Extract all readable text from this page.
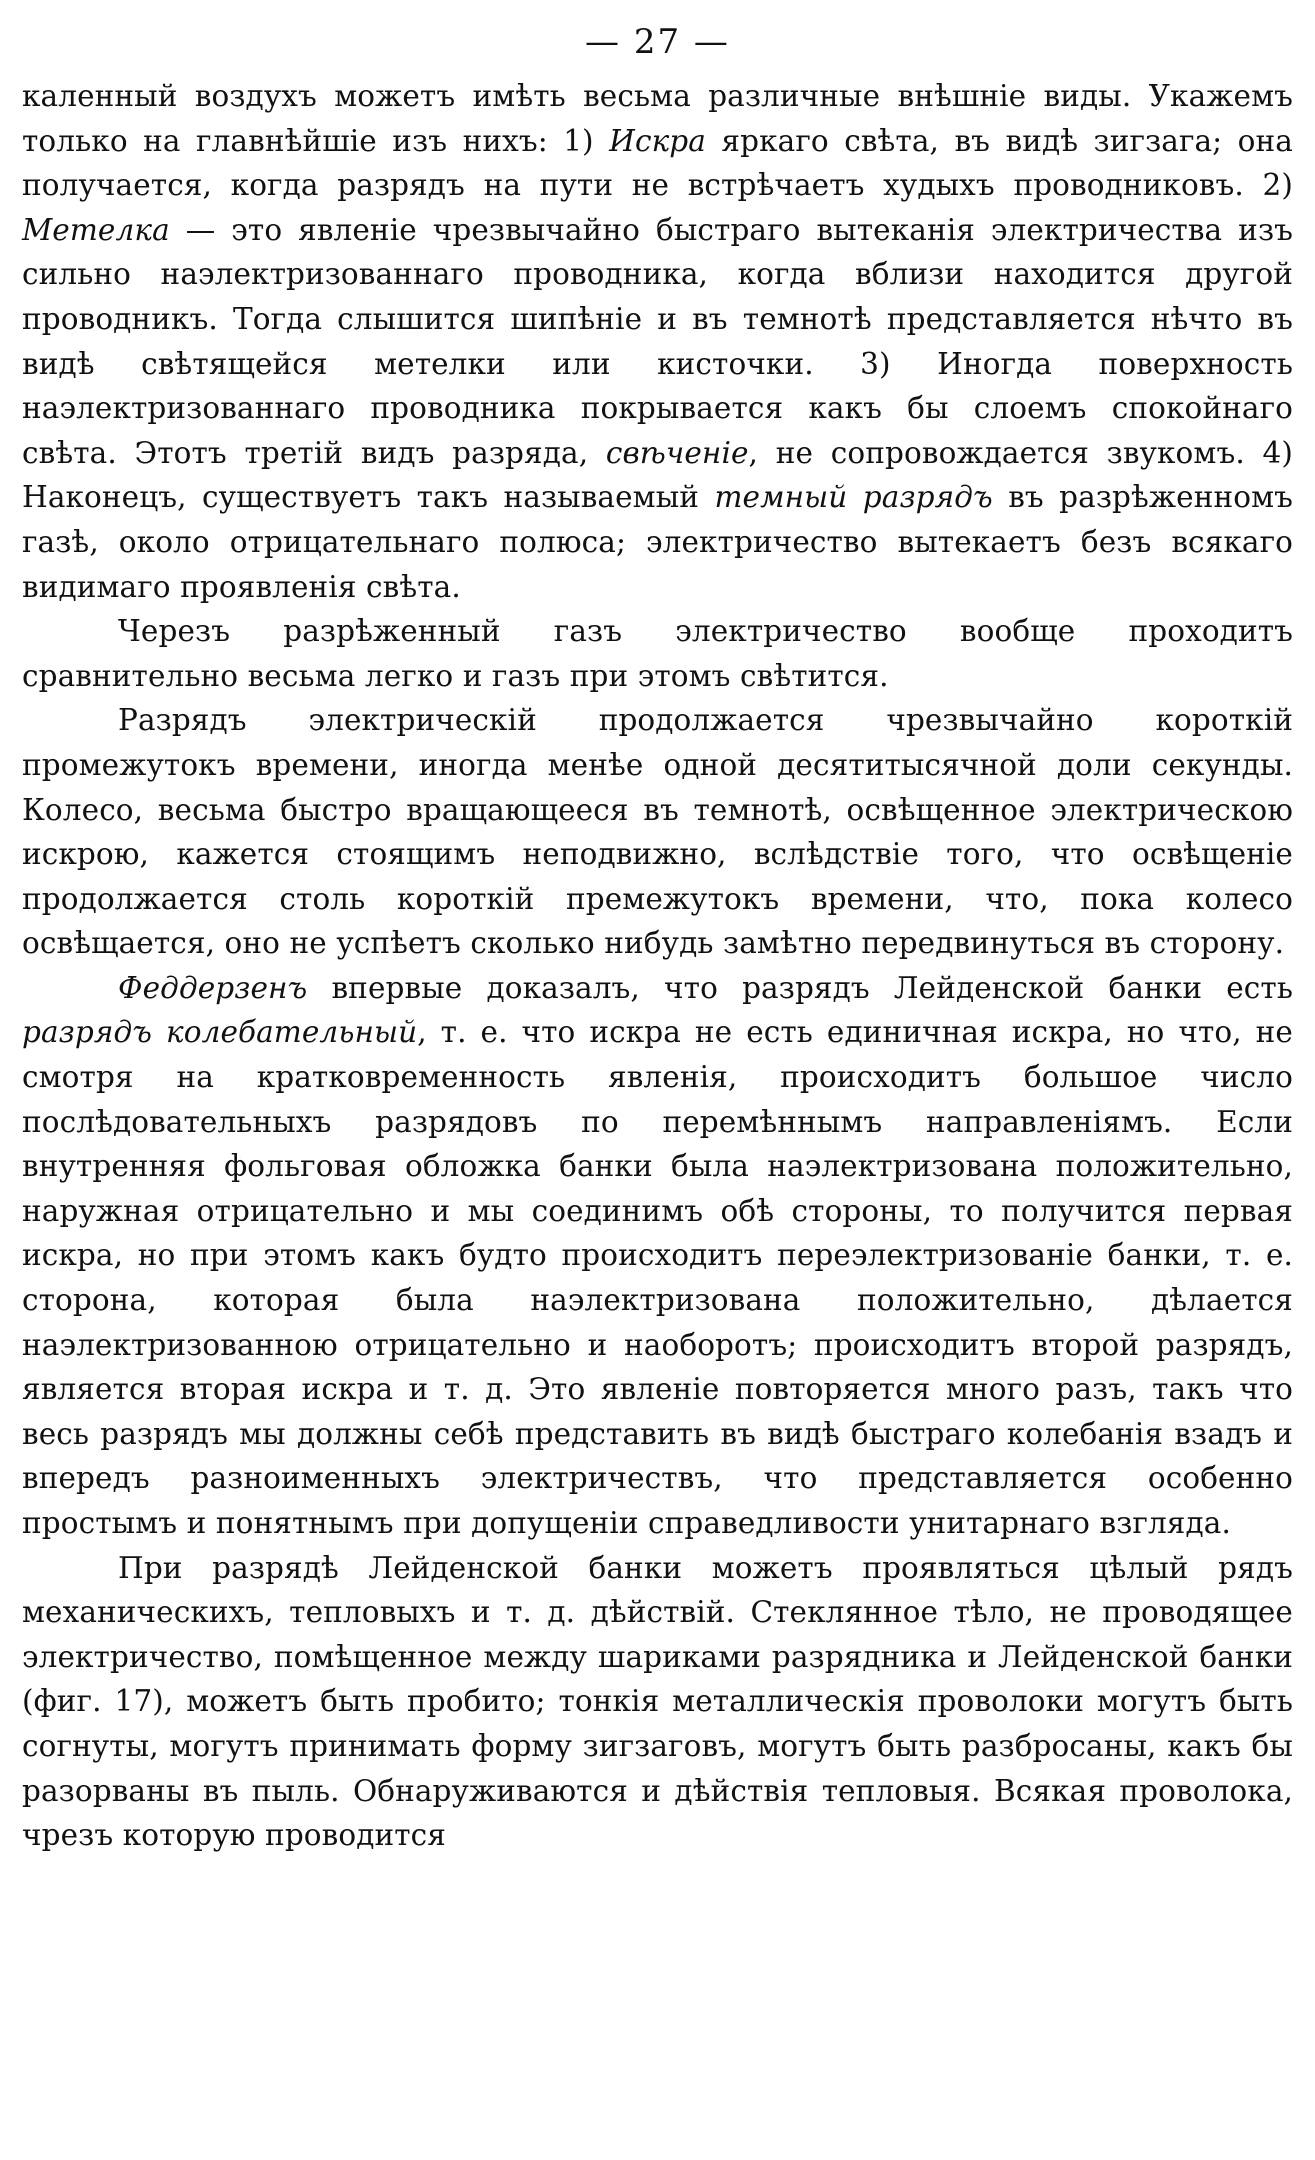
— 27 —

каленный воздухъ можетъ имѣть весьма различные внѣшніе виды. Укажемъ только на главнѣйшіе изъ нихъ: 1) Искра яркаго свѣта, въ видѣ зигзага; она получается, когда разрядъ на пути не встрѣчаетъ худыхъ проводниковъ. 2) Метелка — это явленіе чрезвычайно быстраго вытеканія электричества изъ сильно наэлектризованнаго проводника, когда вблизи находится другой проводникъ. Тогда слышится шипѣніе и въ темнотѣ представляется нѣчто въ видѣ свѣтящейся метелки или кисточки. 3) Иногда поверхность наэлектризованнаго проводника покрывается какъ бы слоемъ спокойнаго свѣта. Этотъ третій видъ разряда, свѣченіе, не сопровождается звукомъ. 4) Наконецъ, существуетъ такъ называемый темный разрядъ въ разрѣженномъ газѣ, около отрицательнаго полюса; электричество вытекаетъ безъ всякаго видимаго проявленія свѣта.

Черезъ разрѣженный газъ электричество вообще проходитъ сравнительно весьма легко и газъ при этомъ свѣтится.

Разрядъ электрическій продолжается чрезвычайно короткій промежутокъ времени, иногда менѣе одной десятитысячной доли секунды. Колесо, весьма быстро вращающееся въ темнотѣ, освѣщенное электрическою искрою, кажется стоящимъ неподвижно, вслѣдствіе того, что освѣщеніе продолжается столь короткій премежутокъ времени, что, пока колесо освѣщается, оно не успѣетъ сколько нибудь замѣтно передвинуться въ сторону.

Феддерзенъ впервые доказалъ, что разрядъ Лейденской банки есть разрядъ колебательный, т. е. что искра не есть единичная искра, но что, не смотря на кратковременность явленія, происходитъ большое число послѣдовательныхъ разрядовъ по перемѣннымъ направленіямъ. Если внутренняя фольговая обложка банки была наэлектризована положительно, наружная отрицательно и мы соединимъ обѣ стороны, то получится первая искра, но при этомъ какъ будто происходитъ переэлектризованіе банки, т. е. сторона, которая была наэлектризована положительно, дѣлается наэлектризованною отрицательно и наоборотъ; происходитъ второй разрядъ, является вторая искра и т. д. Это явленіе повторяется много разъ, такъ что весь разрядъ мы должны себѣ представить въ видѣ быстраго колебанія взадъ и впередъ разноименныхъ электричествъ, что представляется особенно простымъ и понятнымъ при допущеніи справедливости унитарнаго взгляда.

При разрядѣ Лейденской банки можетъ проявляться цѣлый рядъ механическихъ, тепловыхъ и т. д. дѣйствій. Стеклянное тѣло, не проводящее электричество, помѣщенное между шариками разрядника и Лейденской банки (фиг. 17), можетъ быть пробито; тонкія металлическія проволоки могутъ быть согнуты, могутъ принимать форму зигзаговъ, могутъ быть разбросаны, какъ бы разорваны въ пыль. Обнаруживаются и дѣйствія тепловыя. Всякая проволока, чрезъ которую проводится
